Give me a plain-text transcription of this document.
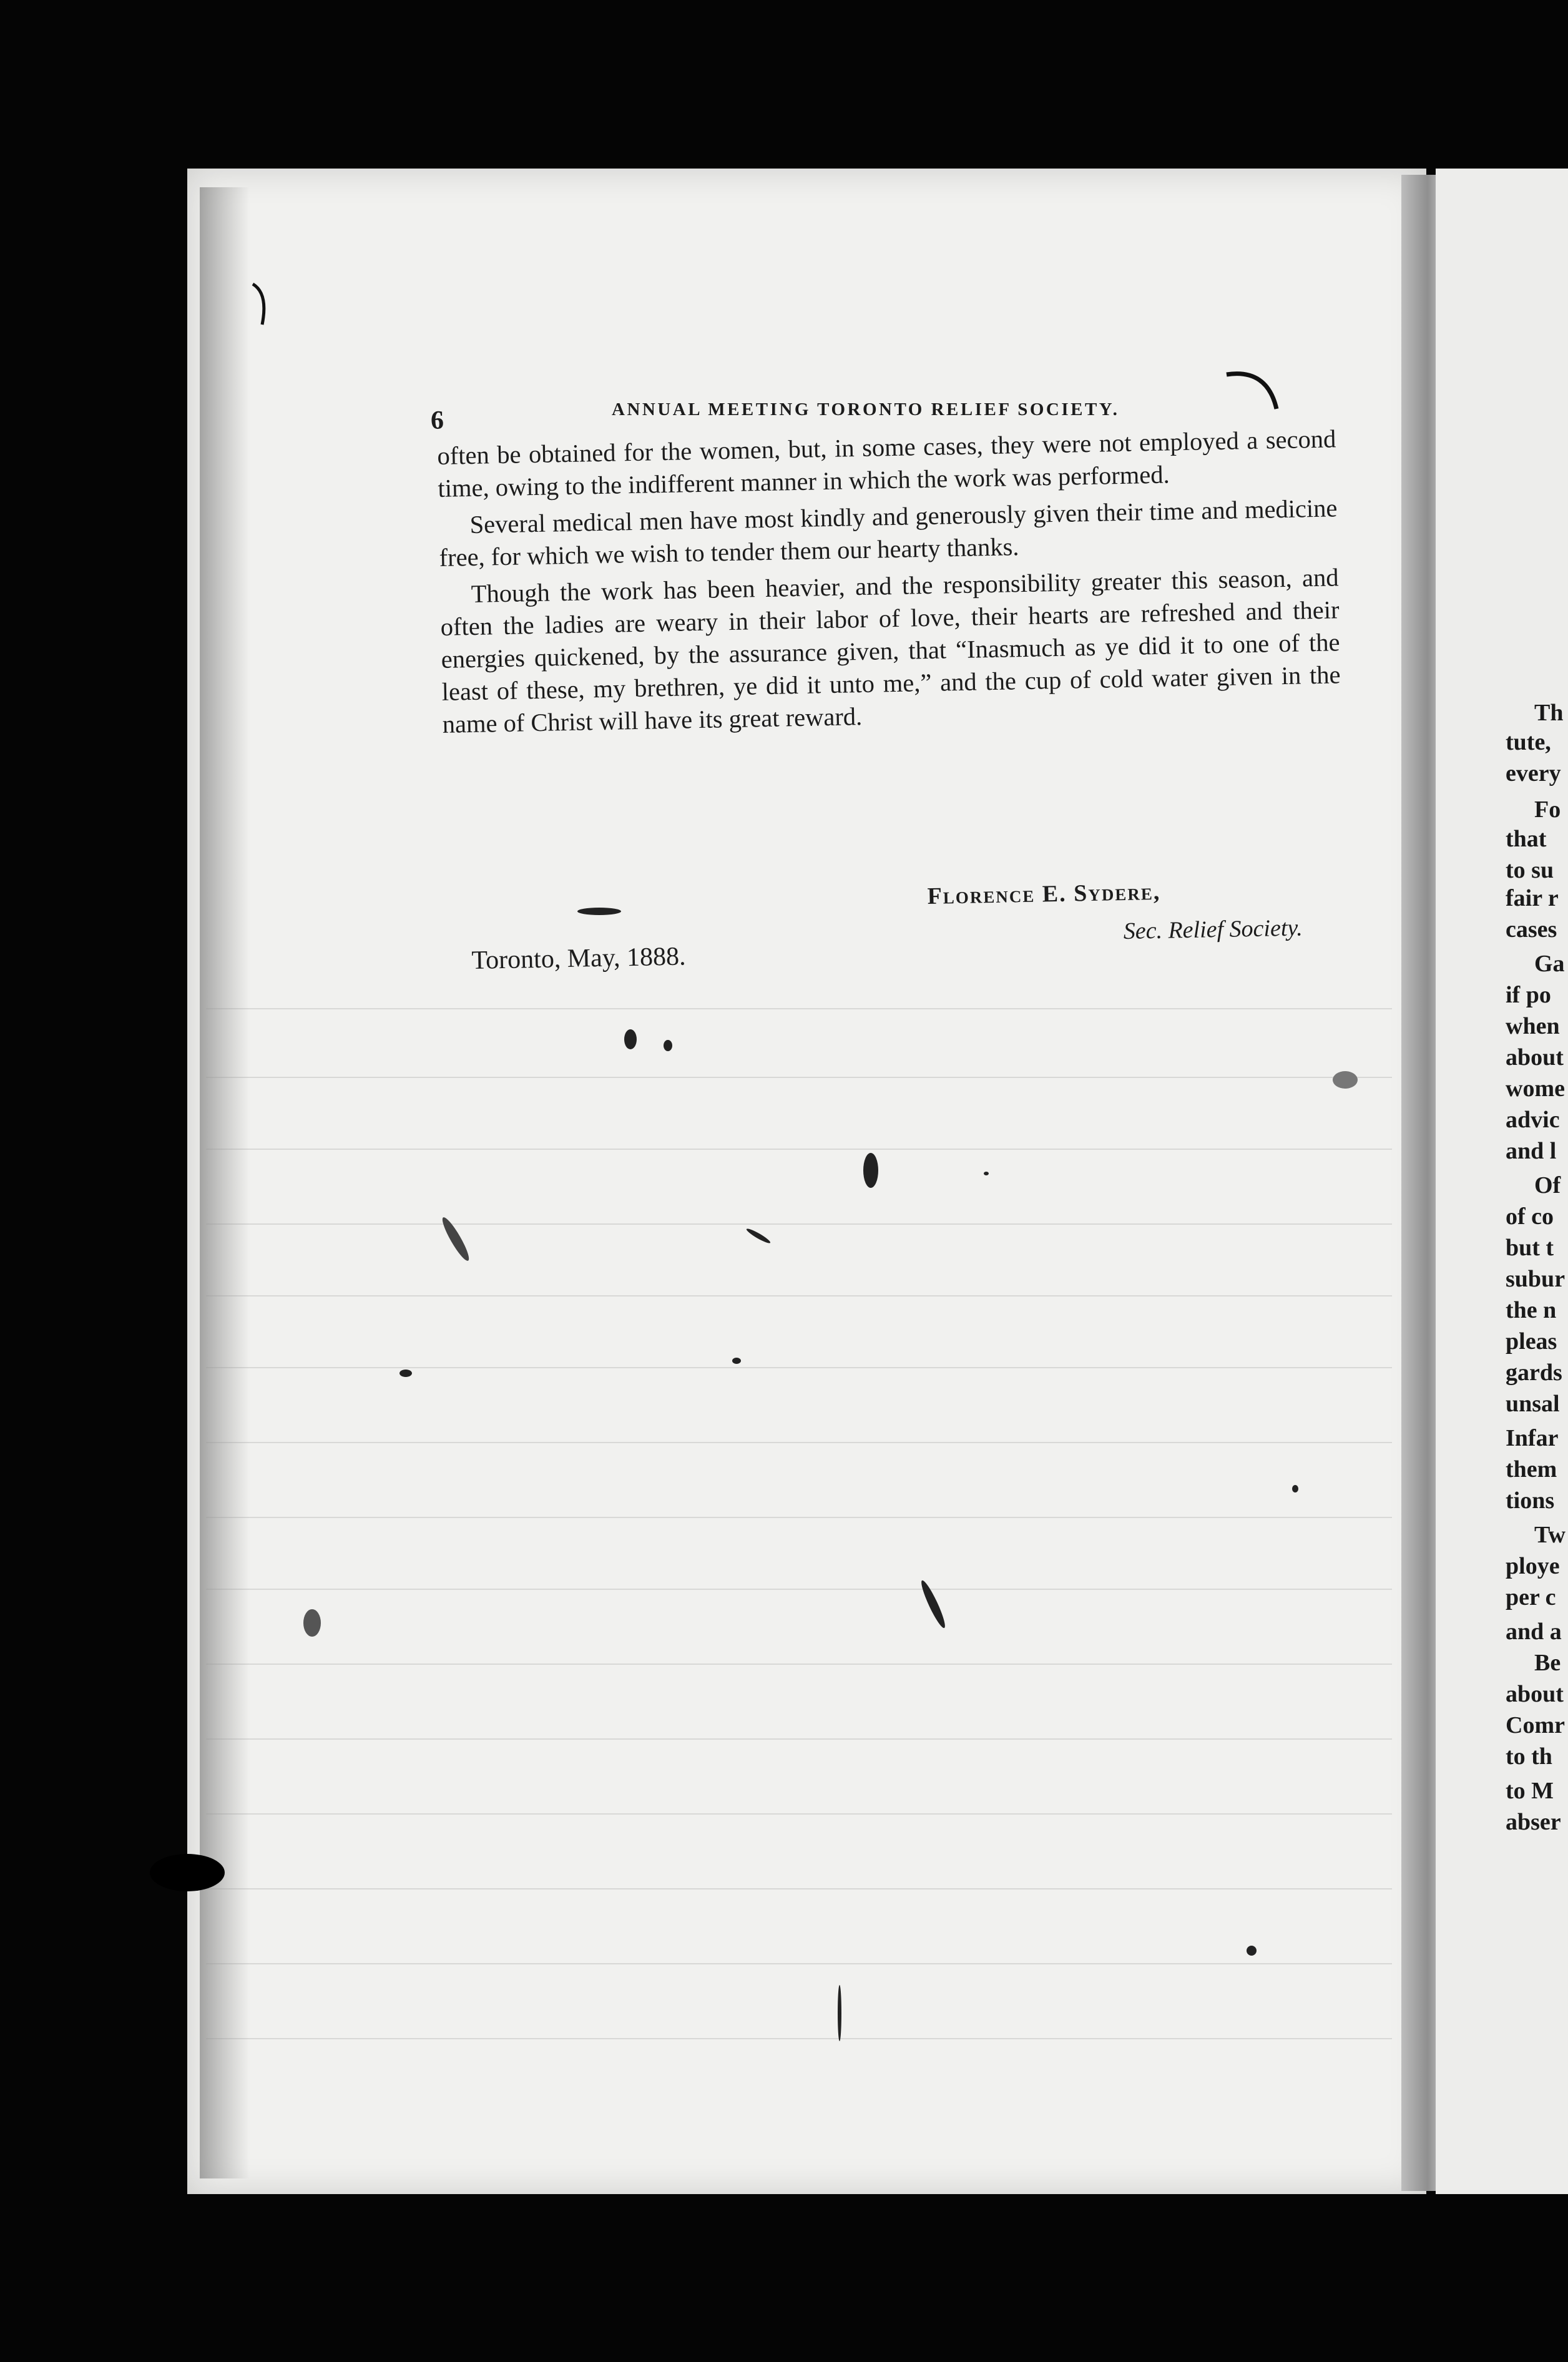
6	ANNUAL MEETING TORONTO RELIEF SOCIETY.

often be obtained for the women, but, in some cases, they were not employed a second time, owing to the indifferent manner in which the work was performed.

Several medical men have most kindly and generously given their time and medicine free, for which we wish to tender them our hearty thanks.

Though the work has been heavier, and the responsibility greater this season, and often the ladies are weary in their labor of love, their hearts are refreshed and their energies quickened, by the assurance given, that “Inasmuch as ye did it to one of the least of these, my brethren, ye did it unto me,” and the cup of cold water given in the name of Christ will have its great reward.

Florence E. Sydere,
Sec. Relief Society.
Toronto, May, 1888.
Th
tute,
every
Fo
that
to su
fair r
cases
Ga
if po
when
about
wome
advic
and l
Of
of co
but t
subur
the n
pleas
gards
unsal
Infar
them
tions
Tw
ploye
per c
and a
Be
about
Comr
to th
to M
abser
